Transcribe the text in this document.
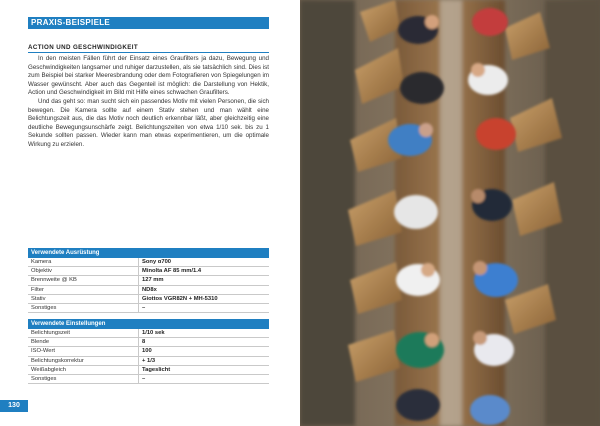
PRAXIS-BEISPIELE
ACTION UND GESCHWINDIGKEIT

In den meisten Fällen führt der Einsatz eines Graufilters ja dazu, Bewegung und Geschwindigkeiten langsamer und ruhiger darzustellen, als sie tatsächlich sind. Dies ist zum Beispiel bei starker Meeresbrandung oder dem Fotografieren von Spiegelungen im Wasser gewünscht. Aber auch das Gegenteil ist möglich: die Darstellung von Hektik, Action und Geschwindigkeit im Bild mit Hilfe eines schwachen Graufilters.

Und das geht so: man sucht sich ein passendes Motiv mit vielen Personen, die sich bewegen. Die Kamera sollte auf einem Stativ stehen und man wählt eine Belichtungszeit aus, die das Motiv noch deutlich erkennbar läßt, aber gleichzeitig eine deutliche Bewegungsunschärfe zeigt. Belichtungszeiten von etwa 1/10 sek. bis zu 1 Sekunde sollten passen. Wieder kann man etwas experimentieren, um die optimale Wirkung zu erzielen.

Verwendete Ausrüstung	
Kamera	Sony α700
Objektiv	Minolta AF 85 mm/1.4
Brennweite @ KB	127 mm
Filter	ND8x
Stativ	Giottos VGR82N + MH-5310
Sonstiges	–
Verwendete Einstellungen	
Belichtungszeit	1/10 sek
Blende	8
ISO-Wert	100
Belichtungskorrektur	+ 1/3
Weißabgleich	Tageslicht
Sonstiges	–
130
